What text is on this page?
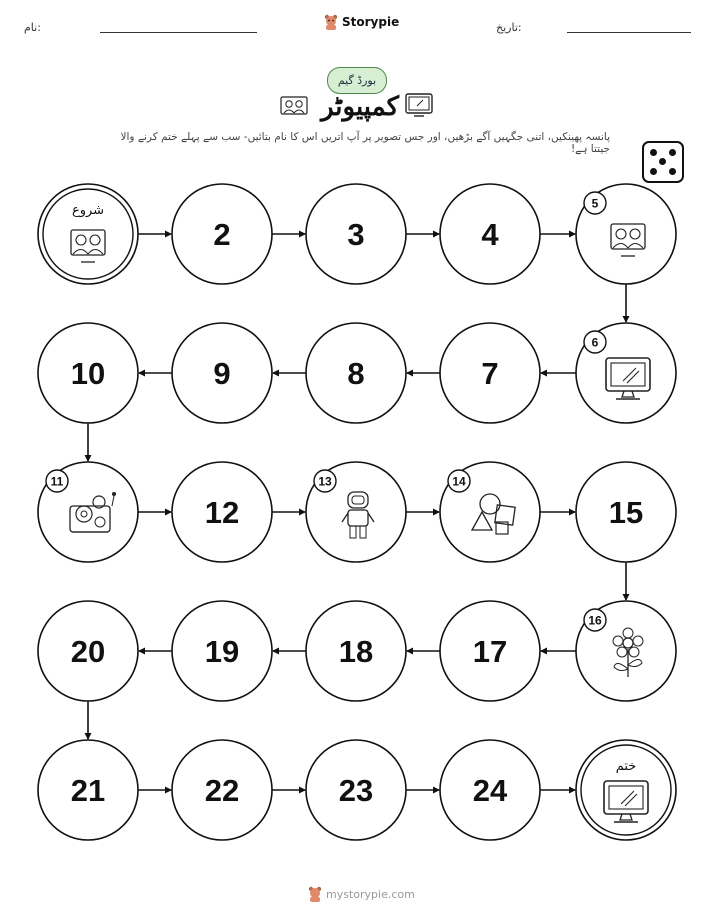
نام:	تاریخ:
Storypie
بورڈ گیم
کمپیوٹر
پانسہ پھینکیں، اتنی جگہیں آگے بڑھیں، اور جس تصویر پر آپ اتریں اس کا نام بتائیں- سب سے پہلے ختم کرنے والا جیتتا ہے!
شروع
2	3	4
5
6
7
8
9
10
11
12
13	14
15
16
17
18
19
20
21	22	23	24
ختم
mystorypie.com
